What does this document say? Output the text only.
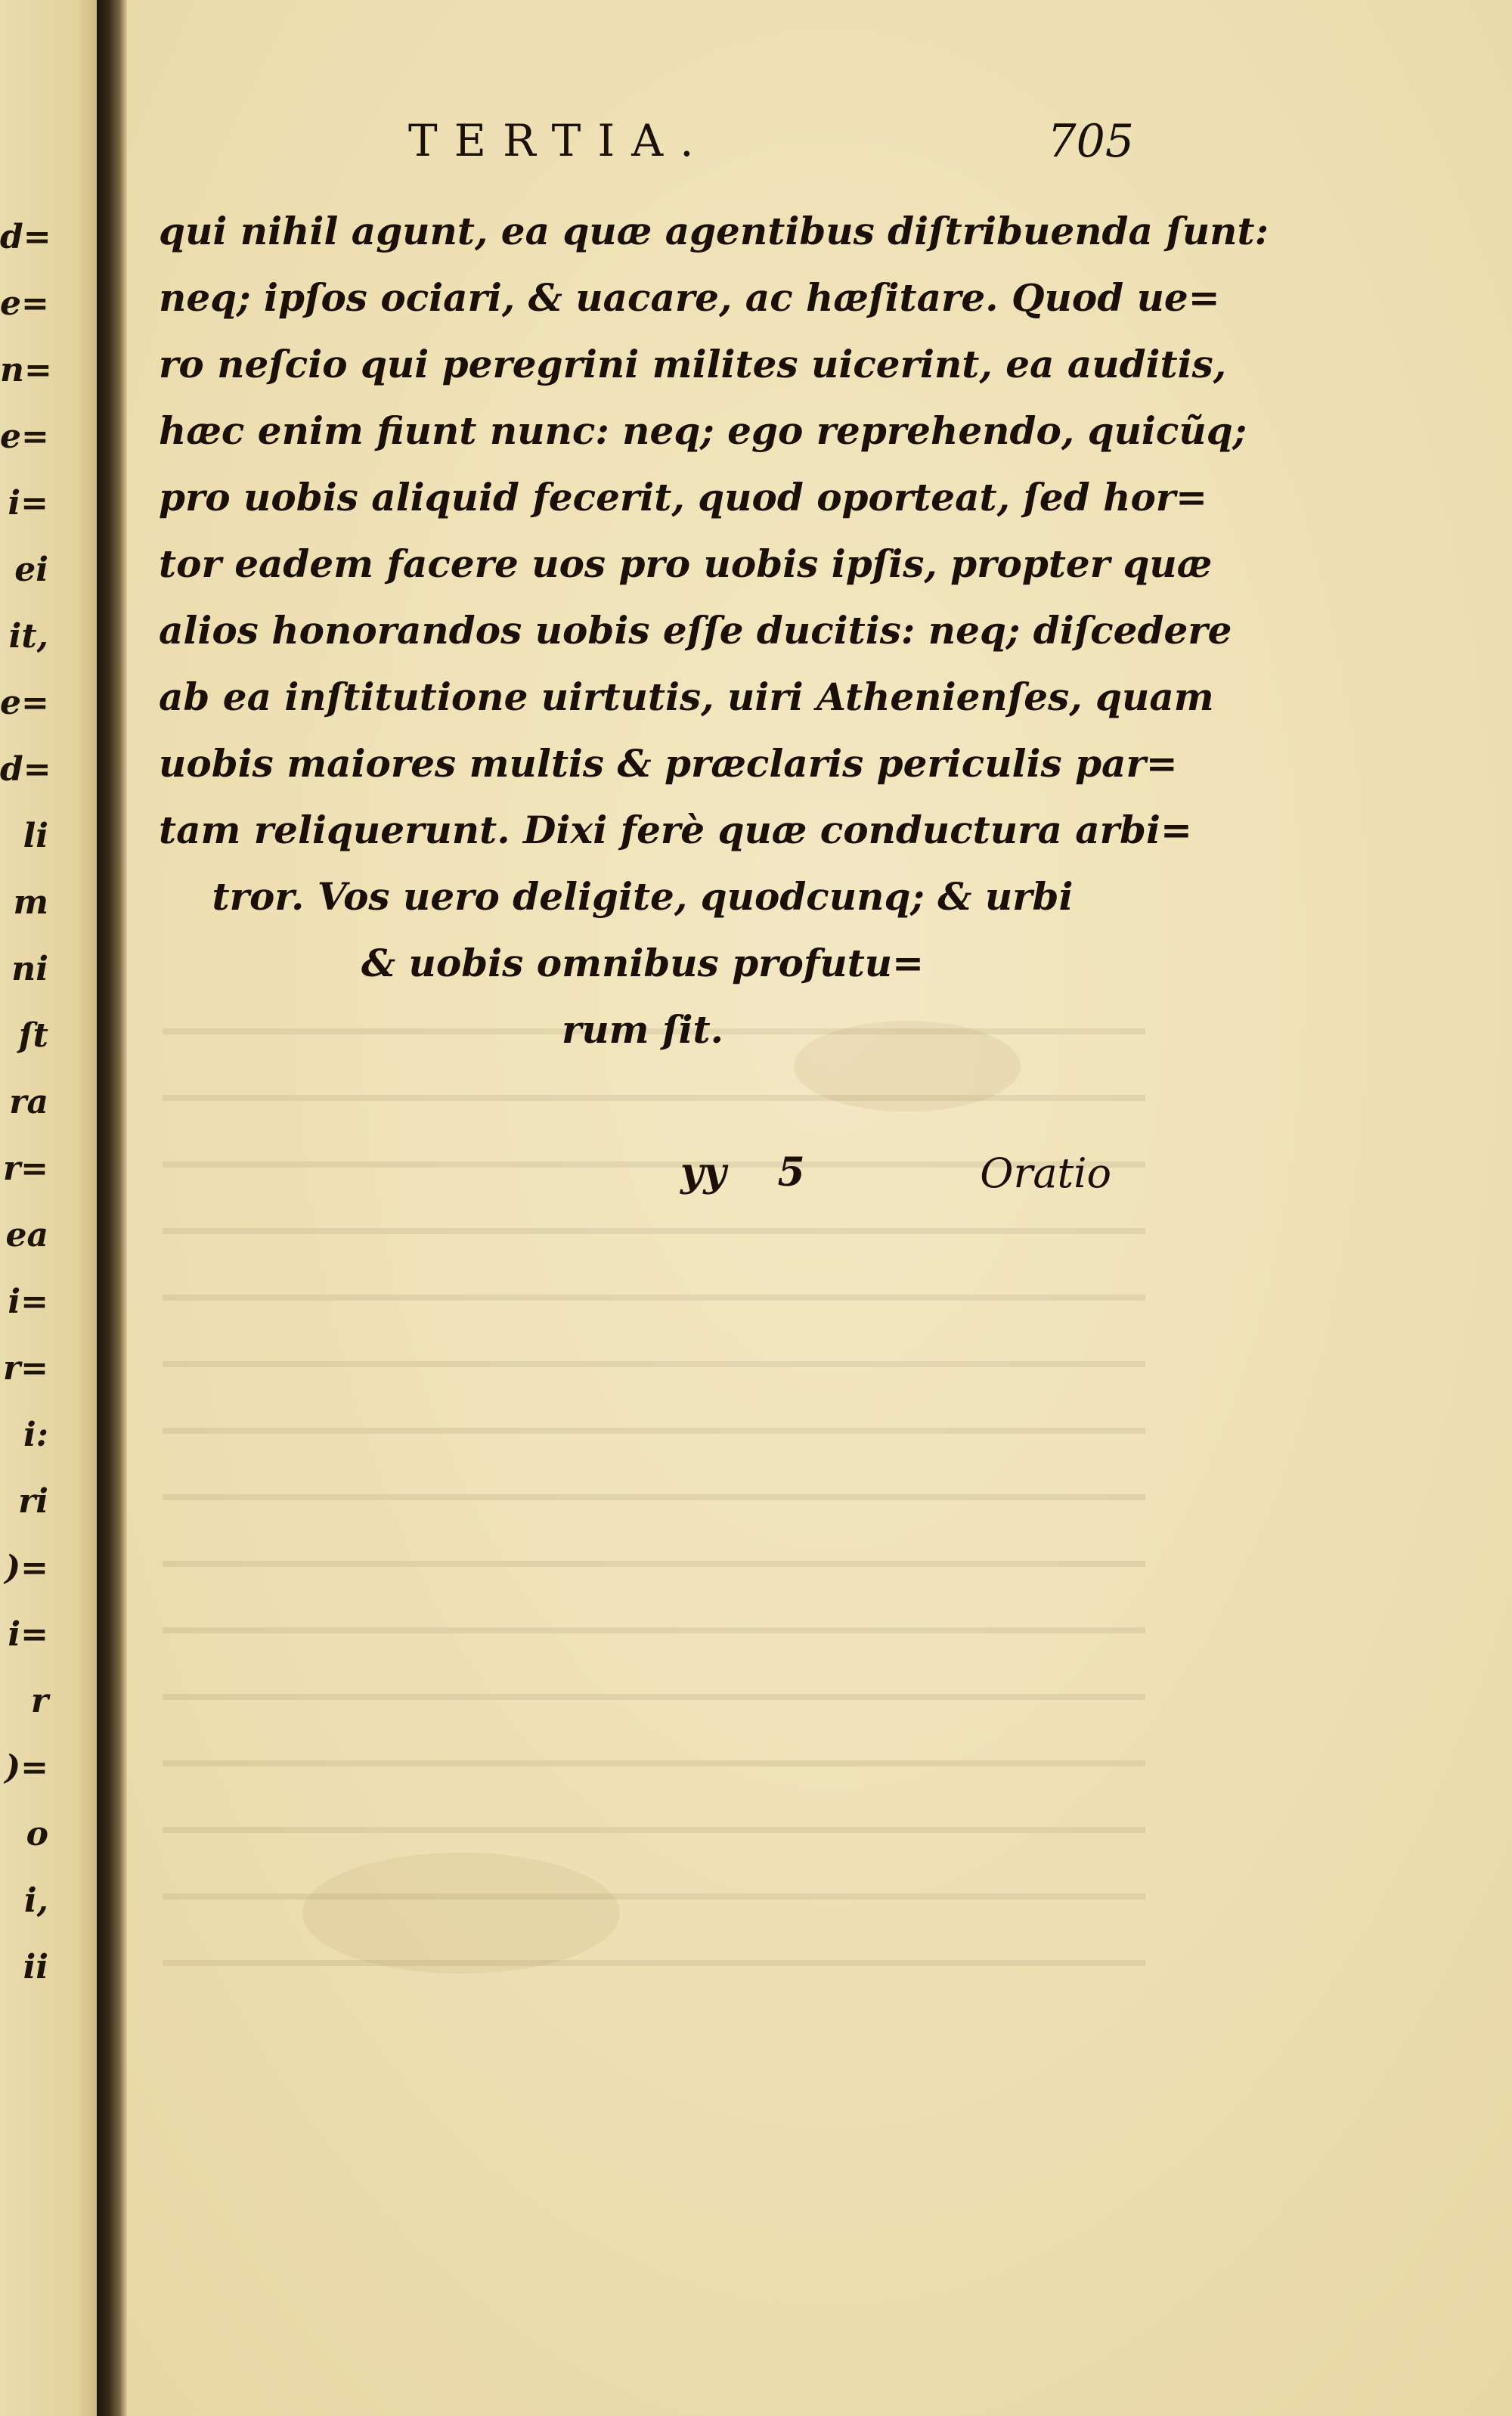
d=
e=
n=
e=
i=
ei
it,
e=
d=
li
m
ni
ſt
ra
r=
ea
i=
r=
i:
ri
)=
i=
r
)=
o
i,
ii
TERTIA.	705
qui nihil agunt, ea quæ agentibus diſtribuenda ſunt:
neq; ipſos ociari, & uacare, ac hæſitare. Quod ue=
ro neſcio qui peregrini milites uicerint, ea auditis,
hæc enim fiunt nunc: neq; ego reprehendo, quicũq;
pro uobis aliquid fecerit, quod oporteat, ſed hor=
tor eadem facere uos pro uobis ipſis, propter quæ
alios honorandos uobis eſſe ducitis: neq; diſcedere
ab ea inſtitutione uirtutis, uiri Athenienſes, quam
uobis maiores multis & præclaris periculis par=
tam reliquerunt. Dixi ferè quæ conductura arbi=
tror. Vos uero deligite, quodcunq; & urbi
& uobis omnibus profutu=
rum ſit.
yy 5	Oratio
